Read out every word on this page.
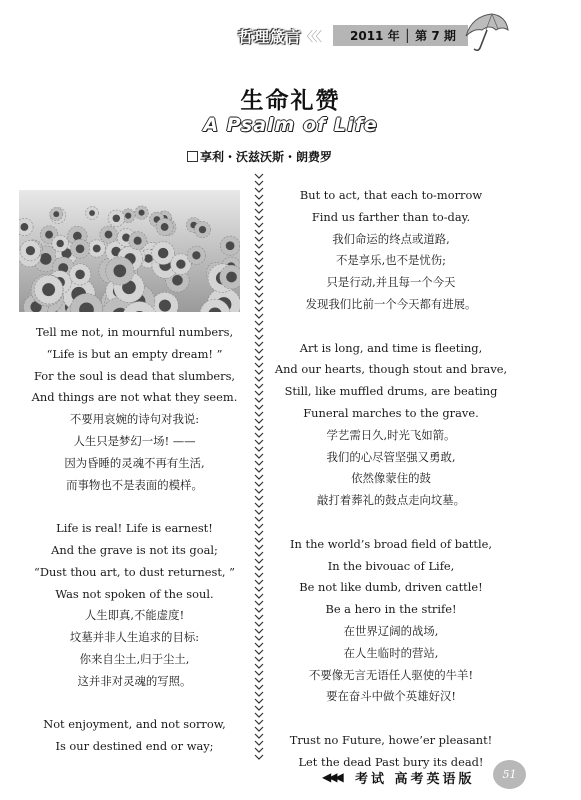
哲理箴言
〈〈〈 2011 年 │ 第 7 期
生命礼赞
A Psalm of Life
享利・沃兹沃斯・朗费罗
Tell me not, in mournful numbers,
“Life is but an empty dream! ”
For the soul is dead that slumbers,
And things are not what they seem.
不要用哀婉的诗句对我说:
人生只是梦幻一场! ——
因为昏睡的灵魂不再有生活,
而事物也不是表面的模样。
Life is real! Life is earnest!
And the grave is not its goal;
“Dust thou art, to dust returnest, ”
Was not spoken of the soul.
人生即真,不能虚度!
坟墓并非人生追求的目标:
你来自尘土,归于尘土,
这并非对灵魂的写照。
Not enjoyment, and not sorrow,
Is our destined end or way;
But to act, that each to-morrow
Find us farther than to-day.
我们命运的终点或道路,
不是享乐,也不是忧伤;
只是行动,并且每一个今天
发现我们比前一个今天都有进展。
Art is long, and time is fleeting,
And our hearts, though stout and brave,
Still, like muffled drums, are beating
Funeral marches to the grave.
学艺需日久,时光飞如箭。
我们的心尽管坚强又勇敢,
依然像蒙住的鼓
敲打着葬礼的鼓点走向坟墓。
In the world’s broad field of battle,
In the bivouac of Life,
Be not like dumb, driven cattle!
Be a hero in the strife!
在世界辽阔的战场,
在人生临时的营站,
不要像无言无语任人驱使的牛羊!
要在奋斗中做个英雄好汉!
Trust no Future, howe’er pleasant!
Let the dead Past bury its dead!
◀◀◀ 考试 高考英语版	51
